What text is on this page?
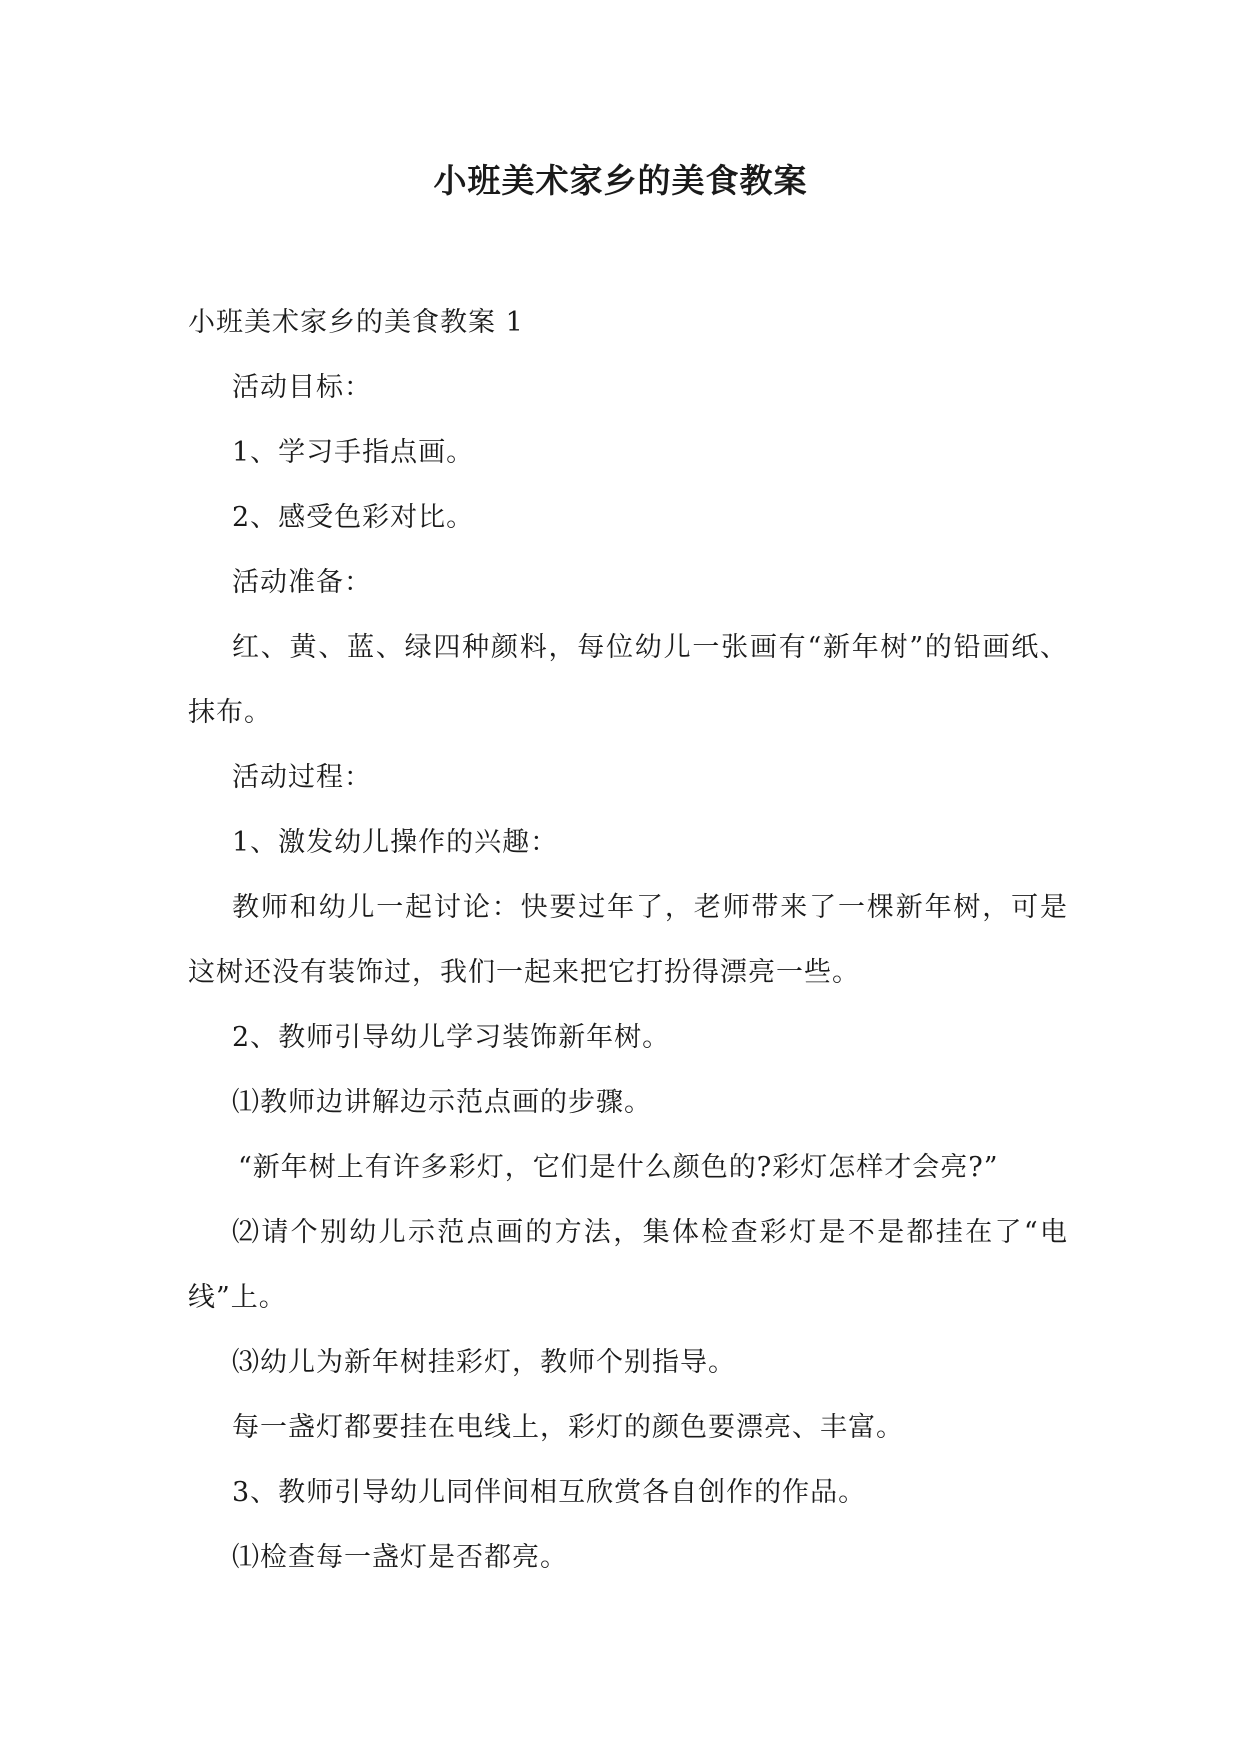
小班美术家乡的美食教案

小班美术家乡的美食教案 1

活动目标：

1、学习手指点画。

2、感受色彩对比。

活动准备：

红、黄、蓝、绿四种颜料，每位幼儿一张画有“新年树”的铅画纸、抹布。

活动过程：

1、激发幼儿操作的兴趣：

教师和幼儿一起讨论：快要过年了，老师带来了一棵新年树，可是这树还没有装饰过，我们一起来把它打扮得漂亮一些。

2、教师引导幼儿学习装饰新年树。

⑴教师边讲解边示范点画的步骤。

“新年树上有许多彩灯，它们是什么颜色的?彩灯怎样才会亮?”

⑵请个别幼儿示范点画的方法，集体检查彩灯是不是都挂在了“电线”上。

⑶幼儿为新年树挂彩灯，教师个别指导。

每一盏灯都要挂在电线上，彩灯的颜色要漂亮、丰富。

3、教师引导幼儿同伴间相互欣赏各自创作的作品。

⑴检查每一盏灯是否都亮。
